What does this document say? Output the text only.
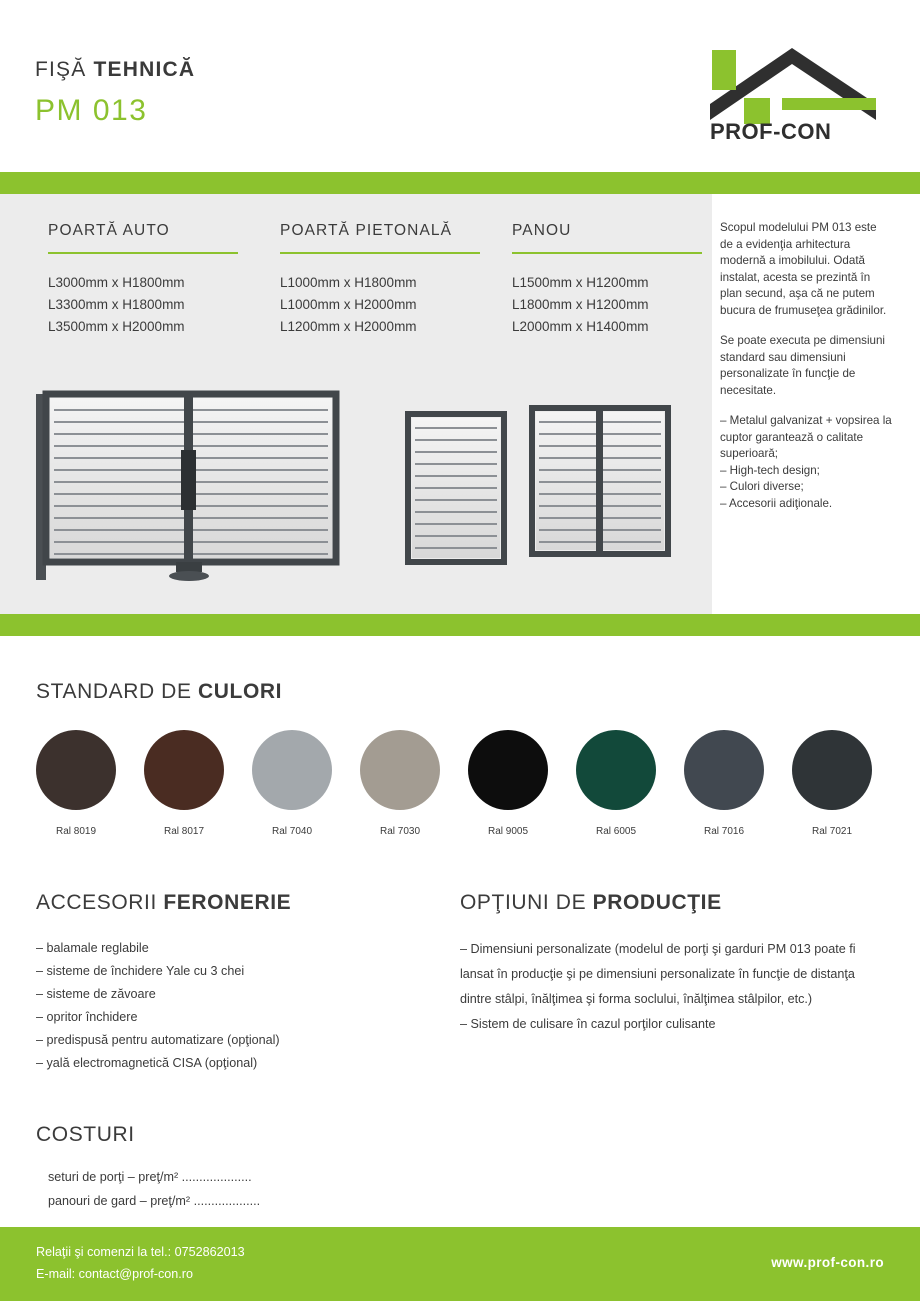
FIŞĂ TEHNICĂ
PM 013
PROF-CON
POARTĂ AUTO
L3000mm x H1800mm
L3300mm x H1800mm
L3500mm x H2000mm
POARTĂ PIETONALĂ
L1000mm x H1800mm
L1000mm x H2000mm
L1200mm x H2000mm
PANOU
L1500mm x H1200mm
L1800mm x H1200mm
L2000mm x H1400mm

Scopul modelului PM 013 este de a evidenţia arhitectura modernă a imobilului. Odată instalat, acesta se prezintă în plan secund, aşa că ne putem bucura de frumuseţea grădinilor.

Se poate executa pe dimensiuni standard sau dimensiuni personalizate în funcţie de necesitate.

– Metalul galvanizat + vopsirea la cuptor garantează o calitate superioară;
– High-tech design;
– Culori diverse;
– Accesorii adiţionale.
STANDARD DE CULORI
Ral 8019	Ral 8017	Ral 7040	Ral 7030	Ral 9005	Ral 6005	Ral 7016	Ral 7021
ACCESORII FERONERIE
– balamale reglabile
– sisteme de închidere Yale cu 3 chei
– sisteme de zăvoare
– opritor închidere
– predispusă pentru automatizare (opţional)
– yală electromagnetică CISA (opţional)
COSTURI
seturi de porţi – preţ/m² ....................
panouri de gard – preţ/m² ...................
OPŢIUNI DE PRODUCŢIE
– Dimensiuni personalizate (modelul de porţi şi garduri PM 013 poate fi lansat în producţie şi pe dimensiuni personalizate în funcţie de distanţa dintre stâlpi, înălţimea şi forma soclului, înălţimea stâlpilor, etc.)
– Sistem de culisare în cazul porţilor culisante
Relaţii şi comenzi la tel.: 0752862013
E-mail: contact@prof-con.ro
www.prof-con.ro
